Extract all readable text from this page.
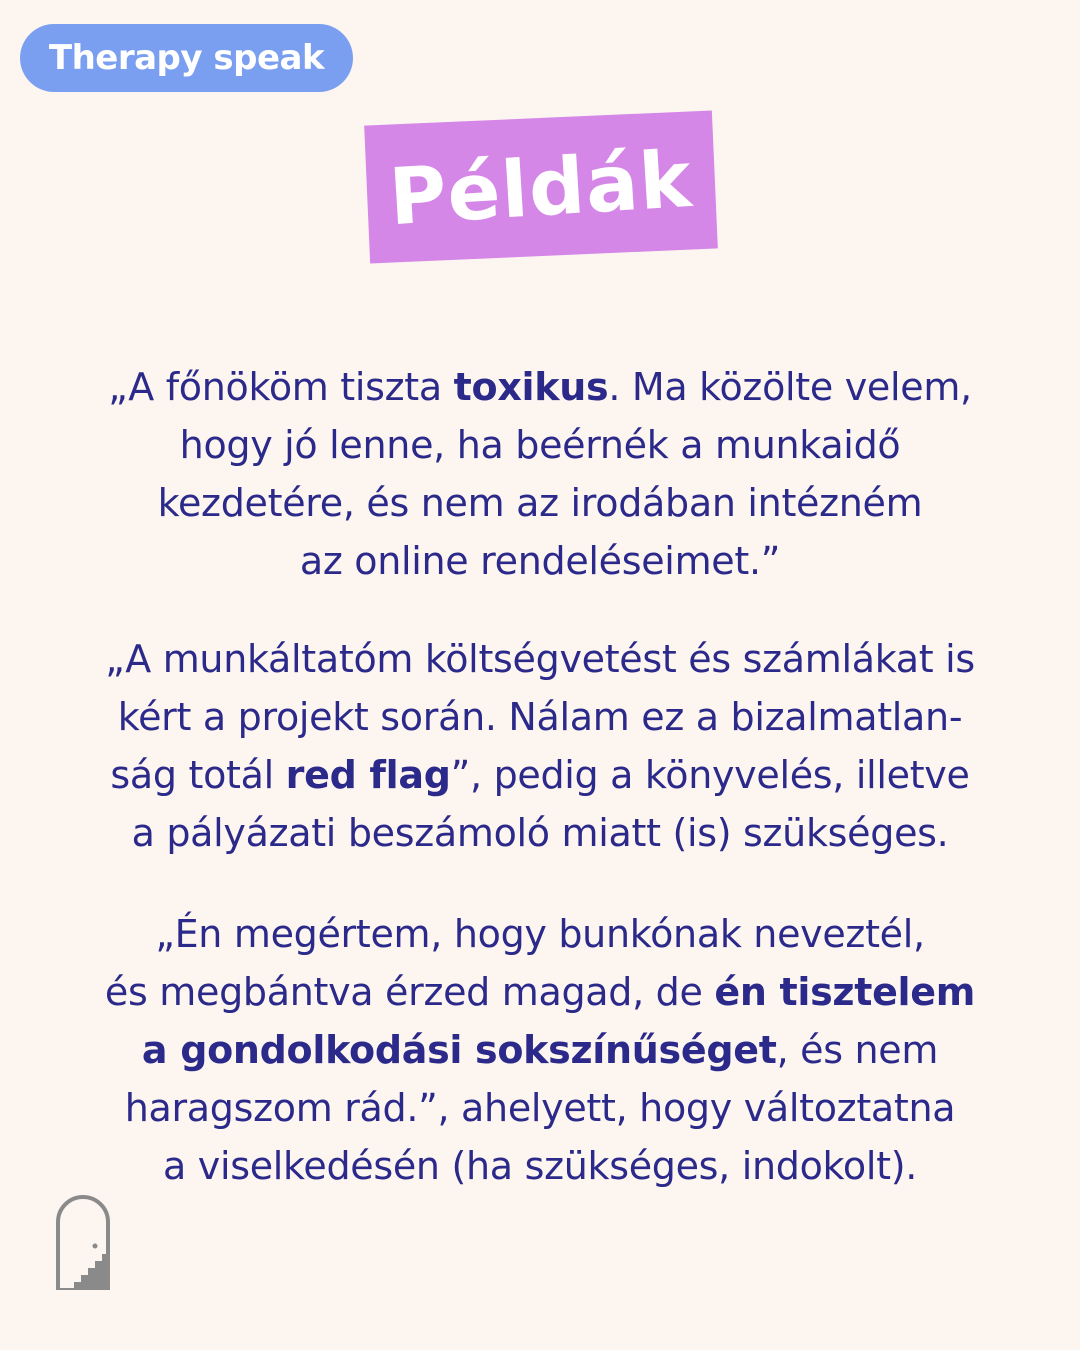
Therapy speak
Példák

„A főnököm tiszta toxikus. Ma közölte velem,
hogy jó lenne, ha beérnék a munkaidő
kezdetére, és nem az irodában intézném
az online rendeléseimet.”

„A munkáltatóm költségvetést és számlákat is
kért a projekt során. Nálam ez a bizalmatlan-
ság totál red flag”, pedig a könyvelés, illetve
a pályázati beszámoló miatt (is) szükséges.

„Én megértem, hogy bunkónak neveztél,
és megbántva érzed magad, de én tisztelem
a gondolkodási sokszínűséget, és nem
haragszom rád.”, ahelyett, hogy változtatna
a viselkedésén (ha szükséges, indokolt).
